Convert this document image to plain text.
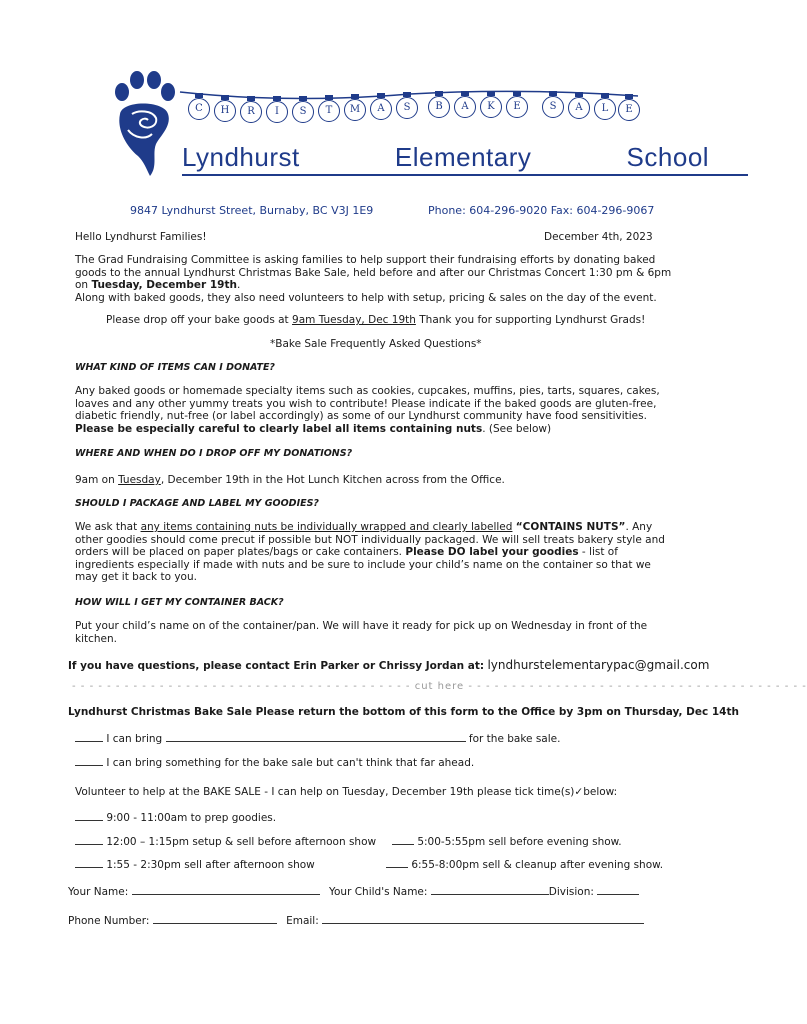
C	H	R	I	S	T	M	A	S	B	A	K	E	S	A	L	E
Lyndhurst   Elementary   School
9847 Lyndhurst Street, Burnaby, BC V3J 1E9	Phone: 604-296-9020 Fax: 604-296-9067
Hello Lyndhurst Families!	December 4th, 2023
The Grad Fundraising Committee is asking families to help support their fundraising efforts by donating baked goods to the annual Lyndhurst Christmas Bake Sale, held before and after our Christmas Concert 1:30 pm & 6pm on Tuesday, December 19th.
Along with baked goods, they also need volunteers to help with setup, pricing & sales on the day of the event.
Please drop off your bake goods at 9am Tuesday, Dec 19th Thank you for supporting Lyndhurst Grads!
*Bake Sale Frequently Asked Questions*
WHAT KIND OF ITEMS CAN I DONATE?
Any baked goods or homemade specialty items such as cookies, cupcakes, muffins, pies, tarts, squares, cakes, loaves and any other yummy treats you wish to contribute! Please indicate if the baked goods are gluten-free, diabetic friendly, nut-free (or label accordingly) as some of our Lyndhurst community have food sensitivities. Please be especially careful to clearly label all items containing nuts. (See below)
WHERE AND WHEN DO I DROP OFF MY DONATIONS?
9am on Tuesday, December 19th in the Hot Lunch Kitchen across from the Office.
SHOULD I PACKAGE AND LABEL MY GOODIES?
We ask that any items containing nuts be individually wrapped and clearly labelled “CONTAINS NUTS”. Any other goodies should come precut if possible but NOT individually packaged. We will sell treats bakery style and orders will be placed on paper plates/bags or cake containers. Please DO label your goodies - list of ingredients especially if made with nuts and be sure to include your child’s name on the container so that we may get it back to you.
HOW WILL I GET MY CONTAINER BACK?
Put your child’s name on of the container/pan. We will have it ready for pick up on Wednesday in front of the kitchen.
If you have questions, please contact Erin Parker or Chrissy Jordan at: lyndhurstelementarypac@gmail.com
- - - - - - - - - - - - - - - - - - - - - - - - - - - - - - - - - - - - - - - cut here - - - - - - - - - - - - - - - - - - - - - - - - - - - - - - - - - - - - - - -
Lyndhurst Christmas Bake Sale Please return the bottom of this form to the Office by 3pm on Thursday, Dec 14th
I can bring	for the bake sale.
I can bring something for the bake sale but can't think that far ahead.
Volunteer to help at the BAKE SALE - I can help on Tuesday, December 19th please tick time(s)✓below:
9:00 - 11:00am to prep goodies.
12:00 – 1:15pm setup & sell before afternoon show	5:00-5:55pm sell before evening show.
1:55 - 2:30pm sell after afternoon show	6:55-8:00pm sell & cleanup after evening show.
Your Name:	Your Child's Name:	Division:
Phone Number:	Email:
